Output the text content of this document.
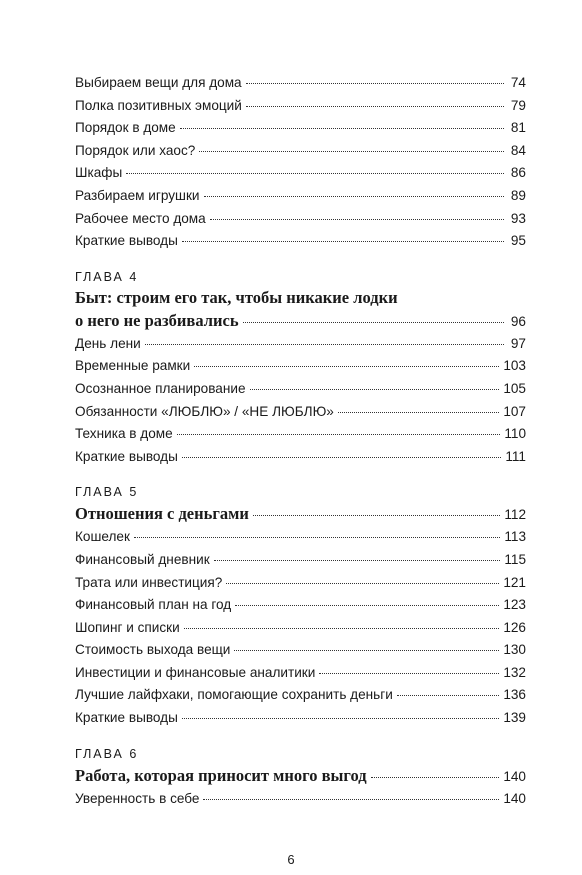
Выбираем вещи для дома	74
Полка позитивных эмоций	79
Порядок в доме	81
Порядок или хаос?	84
Шкафы	86
Разбираем игрушки	89
Рабочее место дома	93
Краткие выводы	95
ГЛАВА 4
Быт: строим его так, чтобы никакие лодки
о него не разбивались	96
День лени	97
Временные рамки	103
Осознанное планирование	105
Обязанности «ЛЮБЛЮ» / «НЕ ЛЮБЛЮ»	107
Техника в доме	110
Краткие выводы	111
ГЛАВА 5
Отношения с деньгами	112
Кошелек	113
Финансовый дневник	115
Трата или инвестиция?	121
Финансовый план на год	123
Шопинг и списки	126
Стоимость выхода вещи	130
Инвестиции и финансовые аналитики	132
Лучшие лайфхаки, помогающие сохранить деньги	136
Краткие выводы	139
ГЛАВА 6
Работа, которая приносит много выгод	140
Уверенность в себе	140
6
